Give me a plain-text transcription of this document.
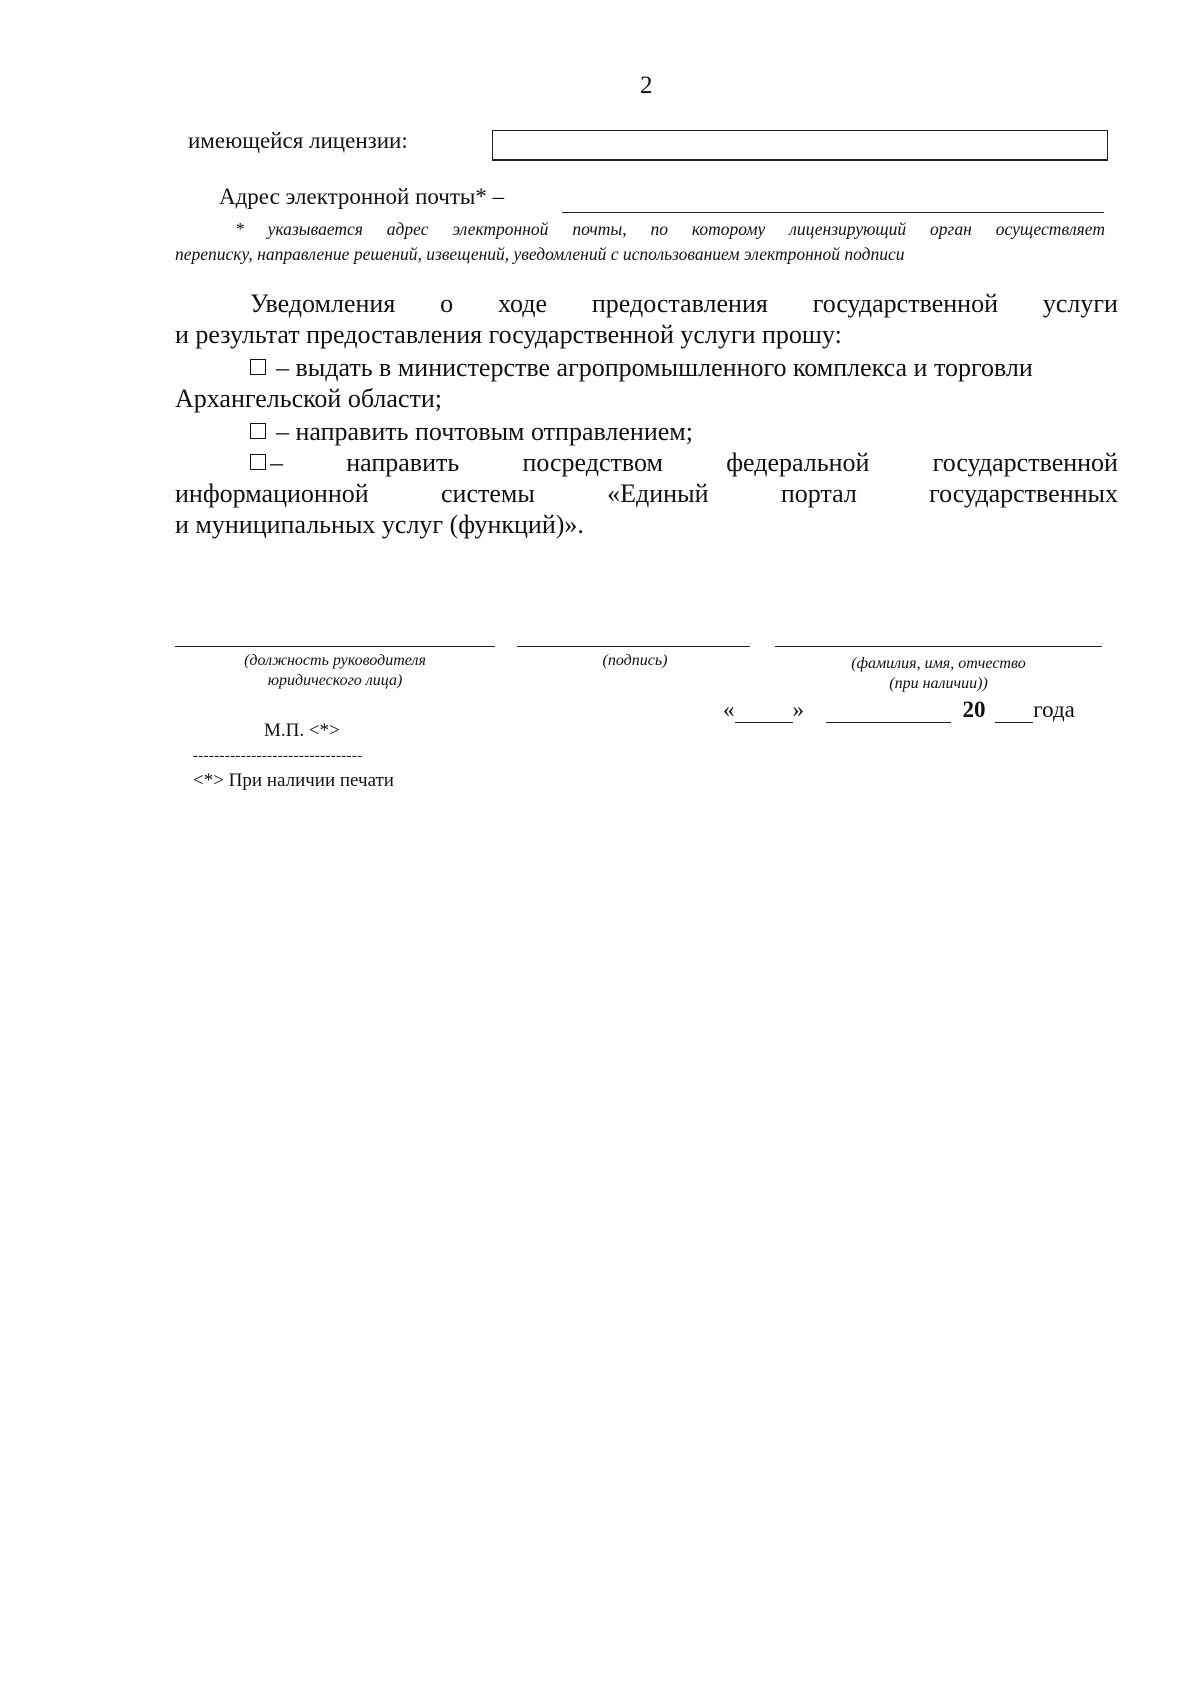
2
имеющейся лицензии:
Адрес электронной почты* –
* указывается адрес электронной почты, по которому лицензирующий орган осуществляет
переписку, направление решений, извещений, уведомлений с использованием электронной подписи
Уведомления о ходе предоставления государственной услуги
и результат предоставления государственной услуги прошу:
– выдать в министерстве агропромышленного комплекса и торговли
Архангельской области;
– направить почтовым отправлением;
– направить посредством федеральной государственной
информационной	системы	«Единый	портал	государственных
и муниципальных услуг (функций)».
(должность руководителя
юридического лица)
(подпись)	(фамилия, имя, отчество
(при наличии))
«	»	20 года
М.П. <*>
--------------------------------
<*> При наличии печати
